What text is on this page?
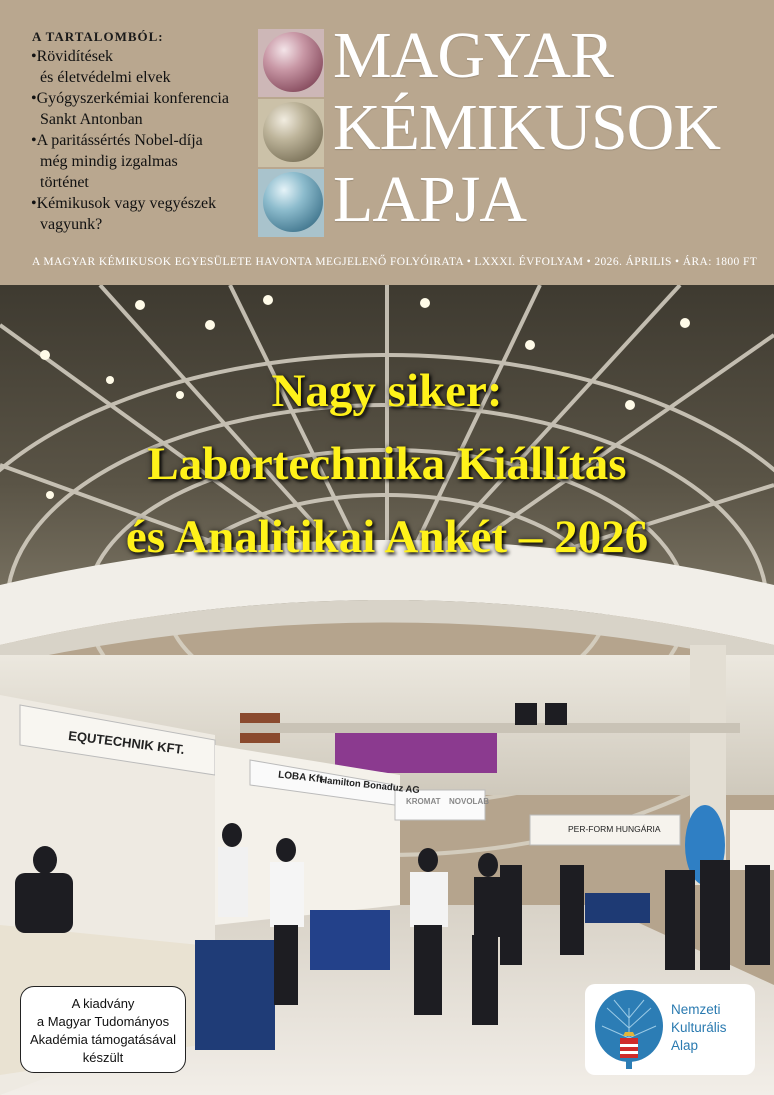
A TARTALOMBÓL:
•Rövidítések
és életvédelmi elvek
•Gyógyszerkémiai konferencia
Sankt Antonban
•A paritássértés Nobel-díja
még mindig izgalmas
történet
•Kémikusok vagy vegyészek
vagyunk?
MAGYAR
KÉMIKUSOK
LAPJA
A MAGYAR KÉMIKUSOK EGYESÜLETE HAVONTA MEGJELENŐ FOLYÓIRATA • LXXXI. ÉVFOLYAM • 2026. ÁPRILIS • ÁRA: 1800 FT
EQUTECHNIK KFT.
LOBA Kft.
Hamilton Bonaduz AG
KROMAT NOVOLAB
PER-FORM HUNGÁRIA
Nagy siker:
Labortechnika Kiállítás
és Analitikai Ankét – 2026
A kiadvány
a Magyar Tudományos
Akadémia támogatásával
készült
Nemzeti
Kulturális
Alap
